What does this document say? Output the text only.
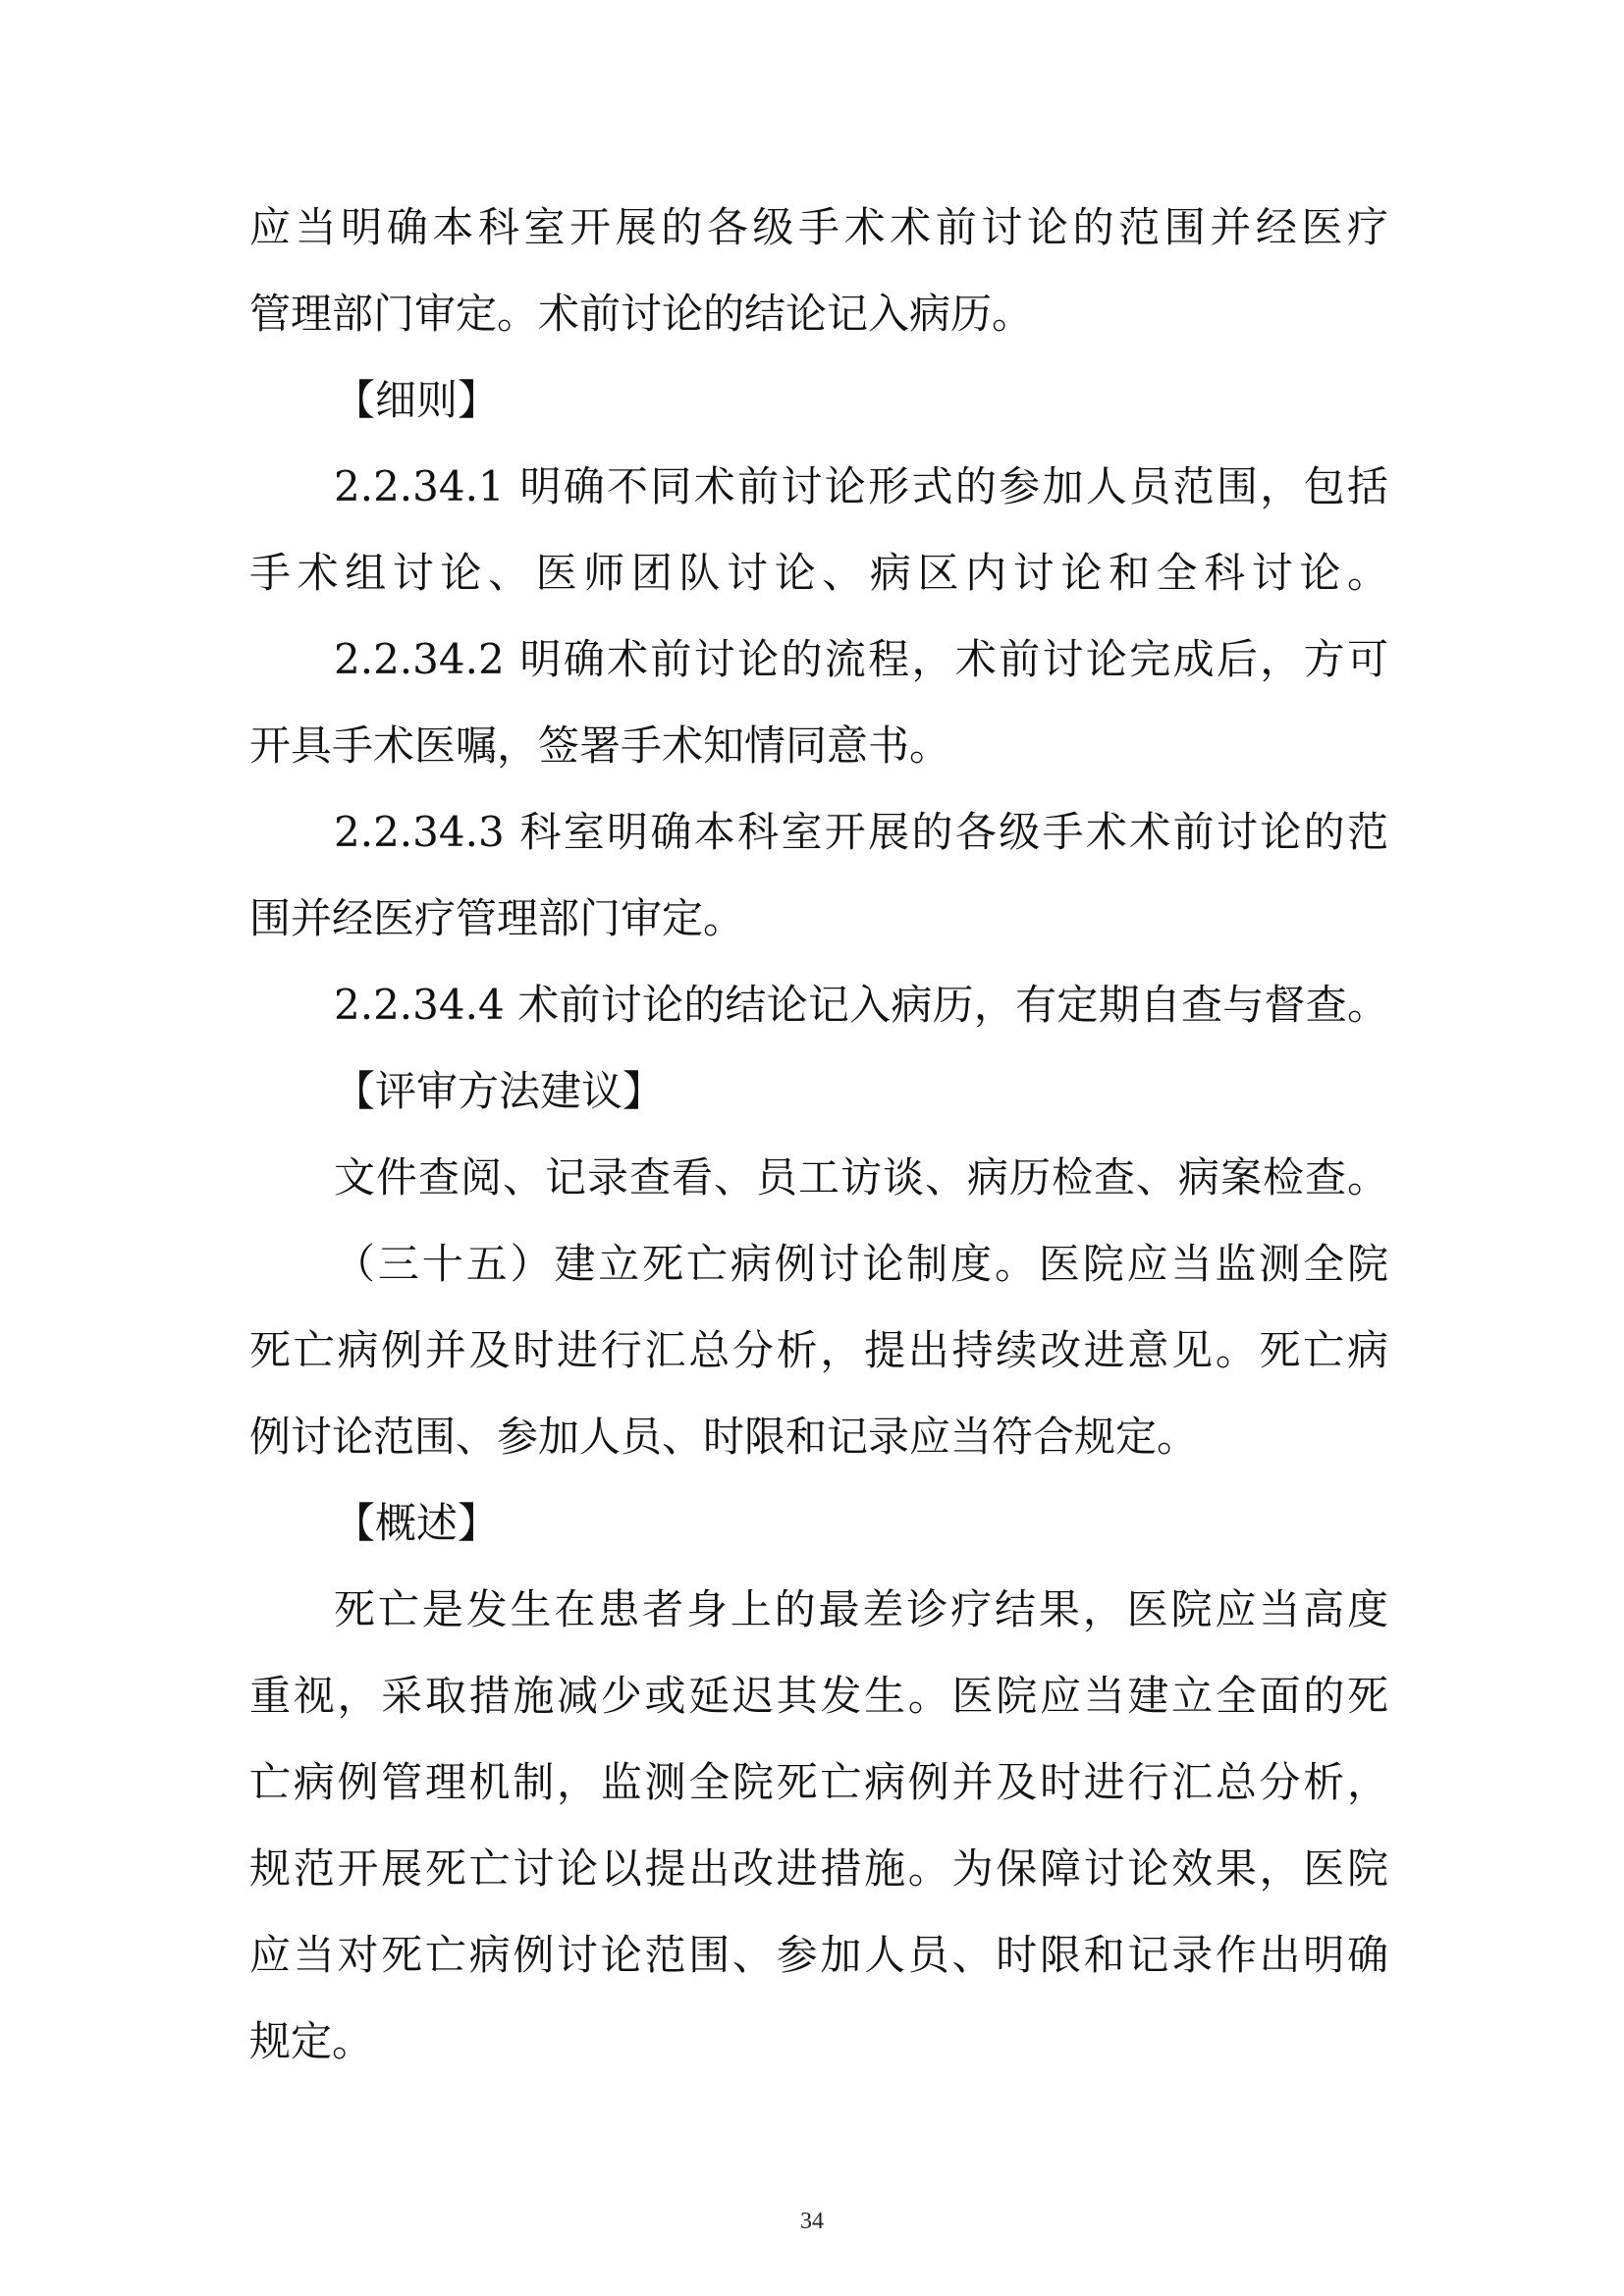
应当明确本科室开展的各级手术术前讨论的范围并经医疗
管理部门审定。术前讨论的结论记入病历。
【细则】
2.2.34.1 明确不同术前讨论形式的参加人员范围，包括
手术组讨论、医师团队讨论、病区内讨论和全科讨论。
2.2.34.2 明确术前讨论的流程，术前讨论完成后，方可
开具手术医嘱，签署手术知情同意书。
2.2.34.3 科室明确本科室开展的各级手术术前讨论的范
围并经医疗管理部门审定。
2.2.34.4 术前讨论的结论记入病历，有定期自查与督查。
【评审方法建议】
文件查阅、记录查看、员工访谈、病历检查、病案检查。
（三十五）建立死亡病例讨论制度。医院应当监测全院
死亡病例并及时进行汇总分析，提出持续改进意见。死亡病
例讨论范围、参加人员、时限和记录应当符合规定。
【概述】
死亡是发生在患者身上的最差诊疗结果，医院应当高度
重视，采取措施减少或延迟其发生。医院应当建立全面的死
亡病例管理机制，监测全院死亡病例并及时进行汇总分析，
规范开展死亡讨论以提出改进措施。为保障讨论效果，医院
应当对死亡病例讨论范围、参加人员、时限和记录作出明确
规定。
34
